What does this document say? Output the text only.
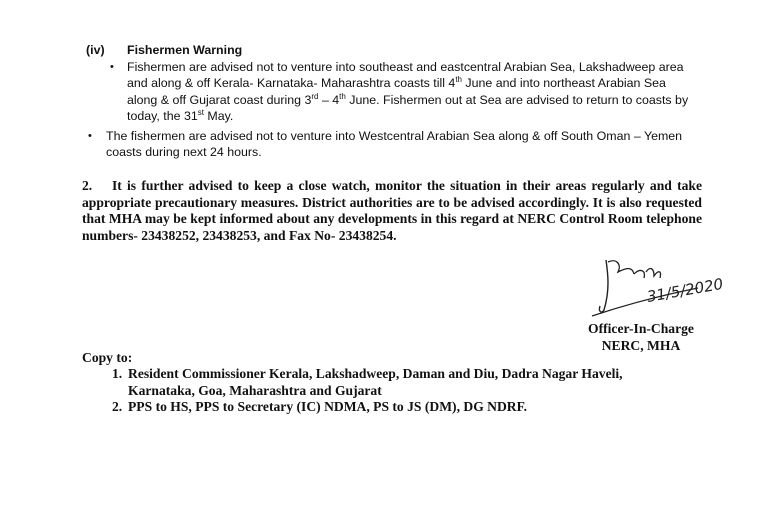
(iv) Fishermen Warning
• Fishermen are advised not to venture into southeast and eastcentral Arabian Sea, Lakshadweep area
and along & off Kerala- Karnataka- Maharashtra coasts till 4th June and into northeast Arabian Sea
along & off Gujarat coast during 3rd – 4th June. Fishermen out at Sea are advised to return to coasts by
today, the 31st May.
• The fishermen are advised not to venture into Westcentral Arabian Sea along & off South Oman – Yemen
coasts during next 24 hours.
2. It is further advised to keep a close watch, monitor the situation in their areas regularly and take appropriate precautionary measures. District authorities are to be advised accordingly. It is also requested that MHA may be kept informed about any developments in this regard at NERC Control Room telephone numbers- 23438252, 23438253, and Fax No- 23438254.
31/5/2020
Officer-In-Charge
NERC, MHA
Copy to:
1. Resident Commissioner Kerala, Lakshadweep, Daman and Diu, Dadra Nagar Haveli,
Karnataka, Goa, Maharashtra and Gujarat
2. PPS to HS, PPS to Secretary (IC) NDMA, PS to JS (DM), DG NDRF.
